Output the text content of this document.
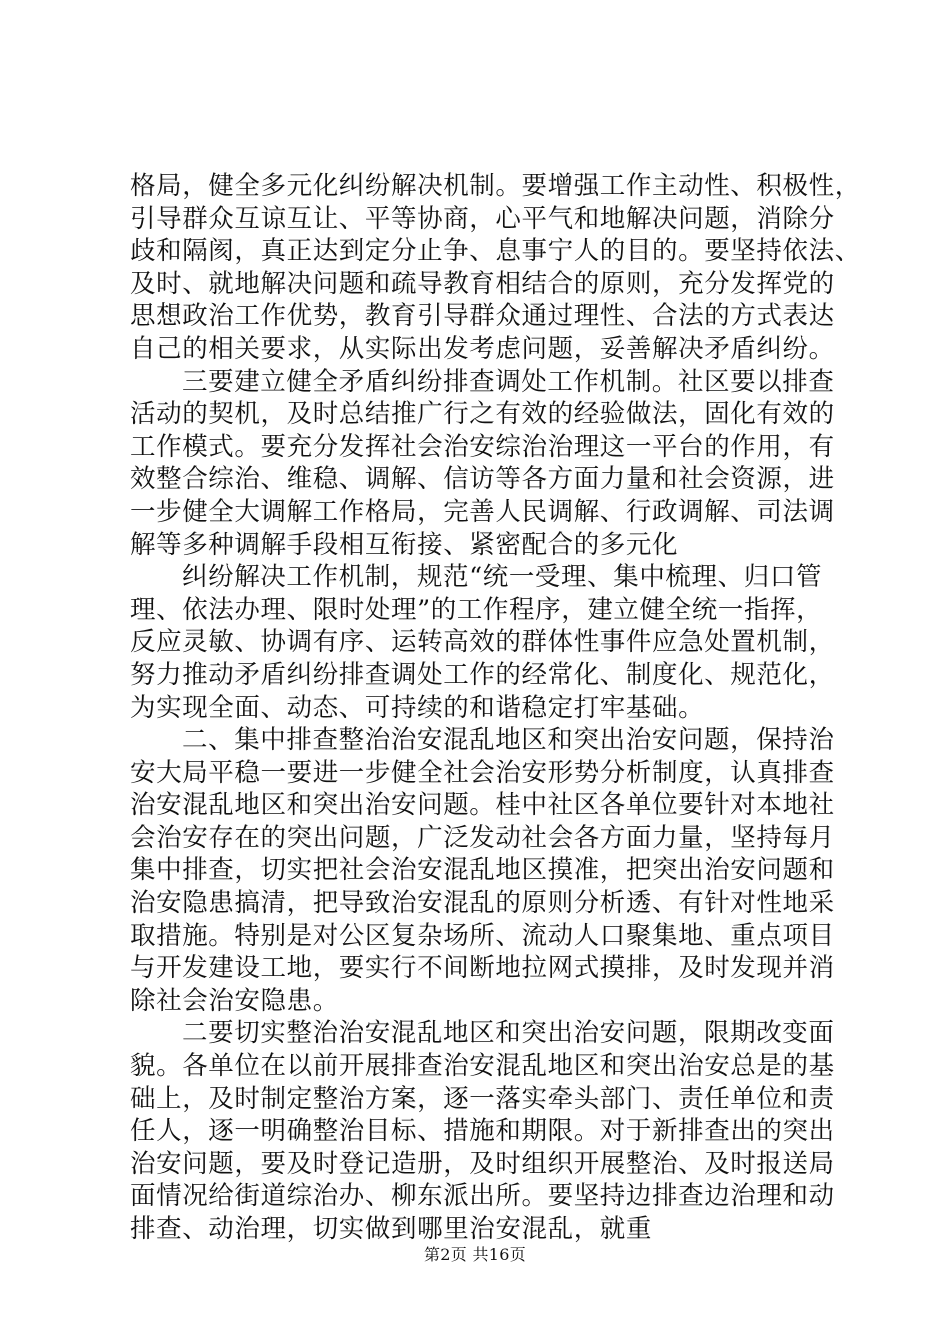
格局，健全多元化纠纷解决机制。要增强工作主动性、积极性，
引导群众互谅互让、平等协商，心平气和地解决问题，消除分
歧和隔阂，真正达到定分止争、息事宁人的目的。要坚持依法、
及时、就地解决问题和疏导教育相结合的原则，充分发挥党的
思想政治工作优势，教育引导群众通过理性、合法的方式表达
自己的相关要求，从实际出发考虑问题，妥善解决矛盾纠纷。
三要建立健全矛盾纠纷排查调处工作机制。社区要以排查
活动的契机，及时总结推广行之有效的经验做法，固化有效的
工作模式。要充分发挥社会治安综治治理这一平台的作用，有
效整合综治、维稳、调解、信访等各方面力量和社会资源，进
一步健全大调解工作格局，完善人民调解、行政调解、司法调
解等多种调解手段相互衔接、紧密配合的多元化
纠纷解决工作机制，规范“统一受理、集中梳理、归口管
理、依法办理、限时处理”的工作程序，建立健全统一指挥，
反应灵敏、协调有序、运转高效的群体性事件应急处置机制，
努力推动矛盾纠纷排查调处工作的经常化、制度化、规范化，
为实现全面、动态、可持续的和谐稳定打牢基础。
二、集中排查整治治安混乱地区和突出治安问题，保持治
安大局平稳一要进一步健全社会治安形势分析制度，认真排查
治安混乱地区和突出治安问题。桂中社区各单位要针对本地社
会治安存在的突出问题，广泛发动社会各方面力量，坚持每月
集中排查，切实把社会治安混乱地区摸准，把突出治安问题和
治安隐患搞清，把导致治安混乱的原则分析透、有针对性地采
取措施。特别是对公区复杂场所、流动人口聚集地、重点项目
与开发建设工地，要实行不间断地拉网式摸排，及时发现并消
除社会治安隐患。
二要切实整治治安混乱地区和突出治安问题，限期改变面
貌。各单位在以前开展排查治安混乱地区和突出治安总是的基
础上，及时制定整治方案，逐一落实牵头部门、责任单位和责
任人，逐一明确整治目标、措施和期限。对于新排查出的突出
治安问题，要及时登记造册，及时组织开展整治、及时报送局
面情况给街道综治办、柳东派出所。要坚持边排查边治理和动
排查、动治理，切实做到哪里治安混乱，就重
第2页 共16页
